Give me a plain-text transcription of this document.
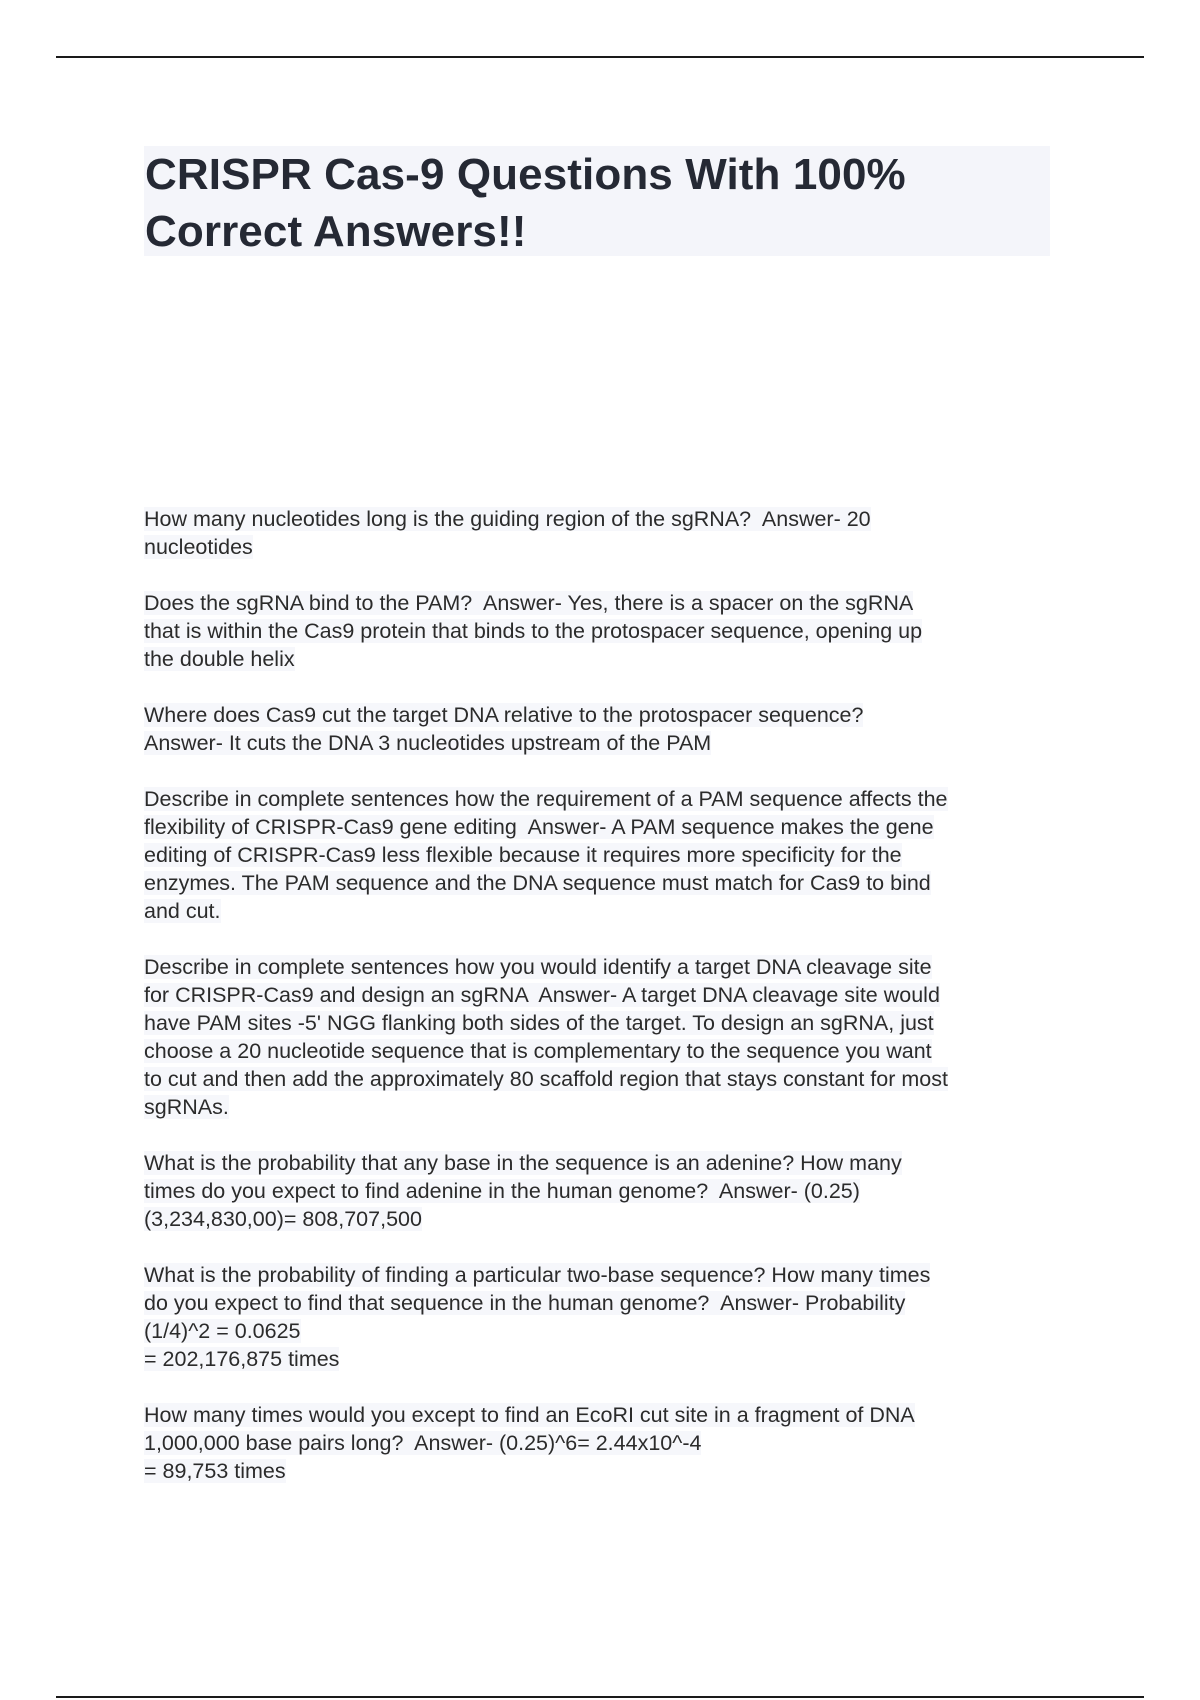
CRISPR Cas-9 Questions With 100% Correct Answers!!

How many nucleotides long is the guiding region of the sgRNA?  Answer- 20
nucleotides

Does the sgRNA bind to the PAM?  Answer- Yes, there is a spacer on the sgRNA
that is within the Cas9 protein that binds to the protospacer sequence, opening up
the double helix

Where does Cas9 cut the target DNA relative to the protospacer sequence?
Answer- It cuts the DNA 3 nucleotides upstream of the PAM

Describe in complete sentences how the requirement of a PAM sequence affects the
flexibility of CRISPR-Cas9 gene editing  Answer- A PAM sequence makes the gene
editing of CRISPR-Cas9 less flexible because it requires more specificity for the
enzymes. The PAM sequence and the DNA sequence must match for Cas9 to bind
and cut.

Describe in complete sentences how you would identify a target DNA cleavage site
for CRISPR-Cas9 and design an sgRNA  Answer- A target DNA cleavage site would
have PAM sites -5' NGG flanking both sides of the target. To design an sgRNA, just
choose a 20 nucleotide sequence that is complementary to the sequence you want
to cut and then add the approximately 80 scaffold region that stays constant for most
sgRNAs.

What is the probability that any base in the sequence is an adenine? How many
times do you expect to find adenine in the human genome?  Answer- (0.25)
(3,234,830,00)= 808,707,500

What is the probability of finding a particular two-base sequence? How many times
do you expect to find that sequence in the human genome?  Answer- Probability
(1/4)^2 = 0.0625
= 202,176,875 times

How many times would you except to find an EcoRI cut site in a fragment of DNA
1,000,000 base pairs long?  Answer- (0.25)^6= 2.44x10^-4
= 89,753 times
